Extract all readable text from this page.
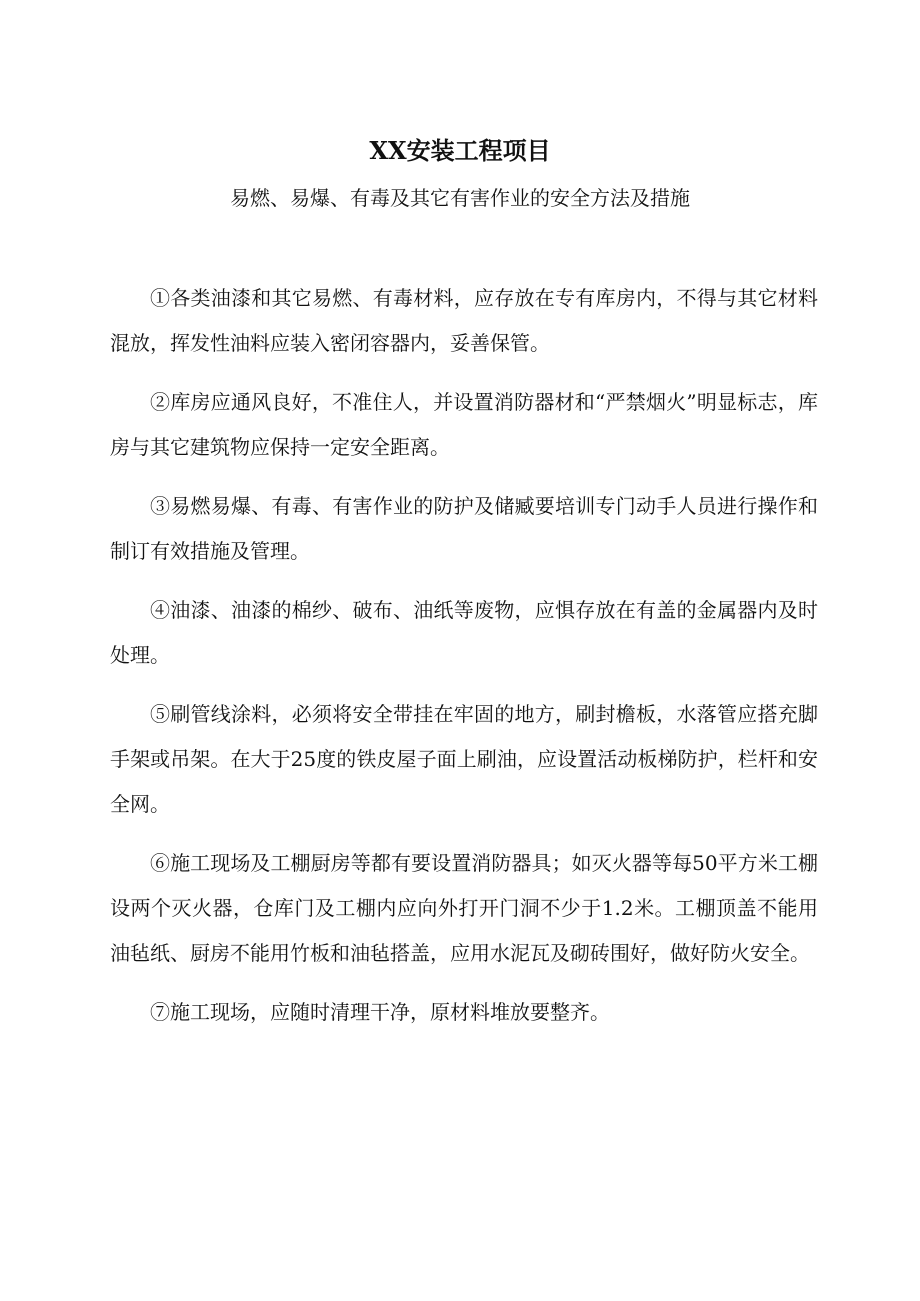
XX安装工程项目
易燃、易爆、有毒及其它有害作业的安全方法及措施

①各类油漆和其它易燃、有毒材料，应存放在专有库房内，不得与其它材料混放，挥发性油料应装入密闭容器内，妥善保管。

②库房应通风良好，不准住人，并设置消防器材和“严禁烟火”明显标志，库房与其它建筑物应保持一定安全距离。

③易燃易爆、有毒、有害作业的防护及储臧要培训专门动手人员进行操作和制订有效措施及管理。

④油漆、油漆的棉纱、破布、油纸等废物，应惧存放在有盖的金属器内及时处理。

⑤刷管线涂料，必须将安全带挂在牢固的地方，刷封檐板，水落管应搭充脚手架或吊架。在大于25度的铁皮屋子面上刷油，应设置活动板梯防护，栏杆和安全网。

⑥施工现场及工棚厨房等都有要设置消防器具；如灭火器等每50平方米工棚设两个灭火器，仓库门及工棚内应向外打开门洞不少于1.2米。工棚顶盖不能用油毡纸、厨房不能用竹板和油毡搭盖，应用水泥瓦及砌砖围好，做好防火安全。

⑦施工现场，应随时清理干净，原材料堆放要整齐。
